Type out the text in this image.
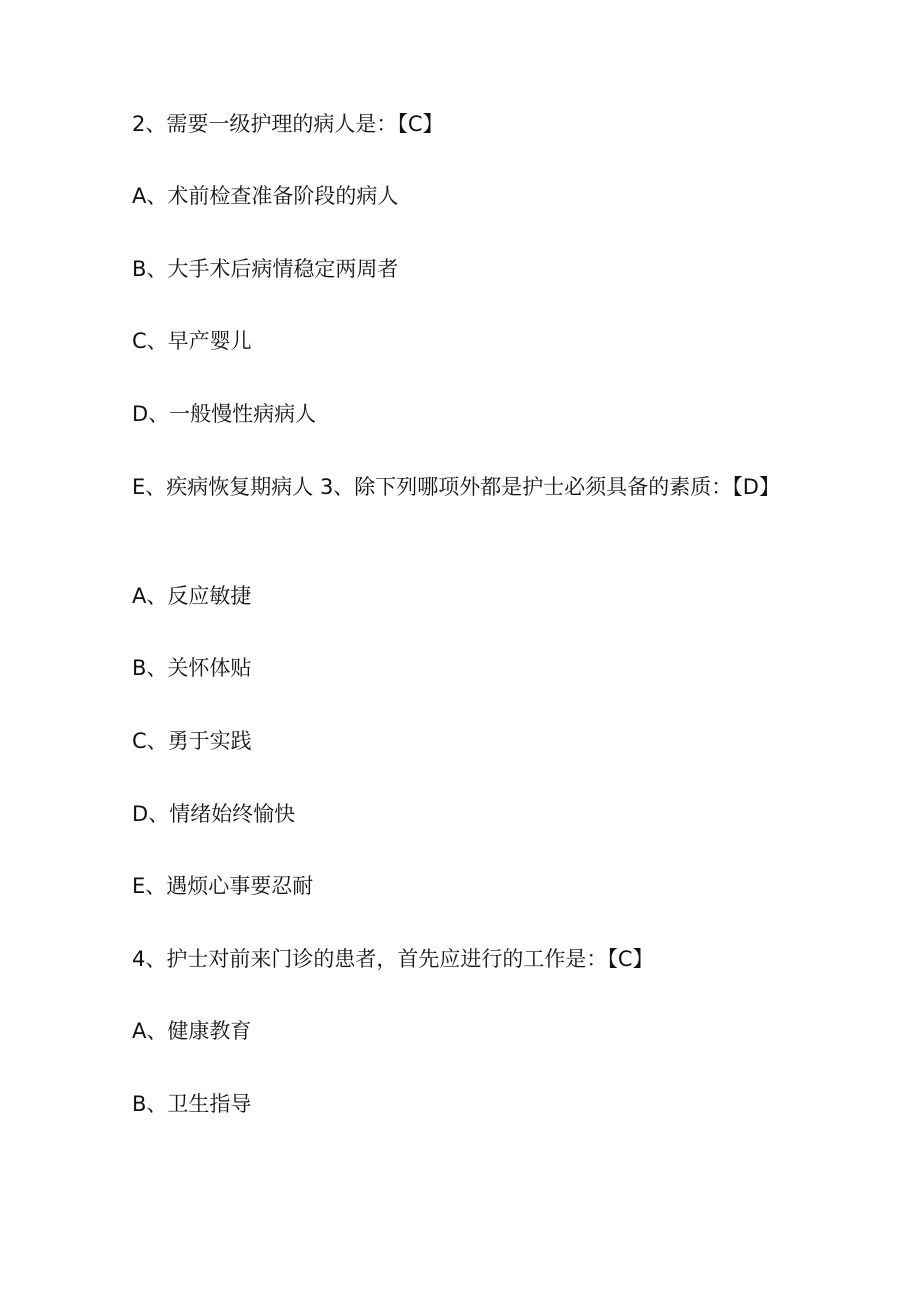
2、需要一级护理的病人是：【C】
A、术前检查准备阶段的病人
B、大手术后病情稳定两周者
C、早产婴儿
D、一般慢性病病人
E、疾病恢复期病人 3、除下列哪项外都是护士必须具备的素质：【D】
A、反应敏捷
B、关怀体贴
C、勇于实践
D、情绪始终愉快
E、遇烦心事要忍耐
4、护士对前来门诊的患者，首先应进行的工作是：【C】
A、健康教育
B、卫生指导
